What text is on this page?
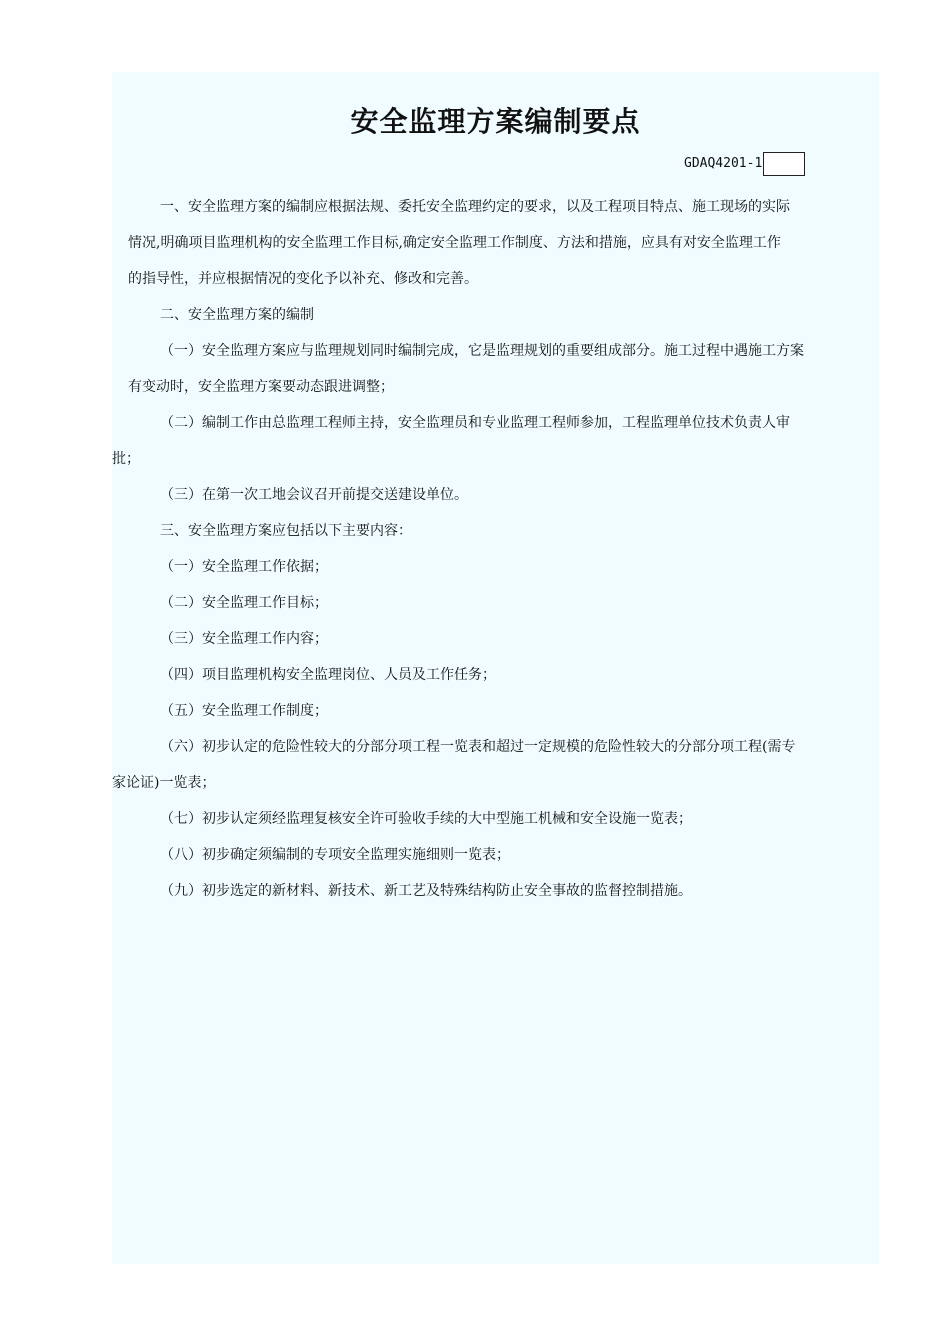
安全监理方案编制要点
GDAQ4201-1
一、安全监理方案的编制应根据法规、委托安全监理约定的要求，以及工程项目特点、施工现场的实际
情况,明确项目监理机构的安全监理工作目标,确定安全监理工作制度、方法和措施，应具有对安全监理工作
的指导性，并应根据情况的变化予以补充、修改和完善。
二、安全监理方案的编制
（一）安全监理方案应与监理规划同时编制完成，它是监理规划的重要组成部分。施工过程中遇施工方案
有变动时，安全监理方案要动态跟进调整；
（二）编制工作由总监理工程师主持，安全监理员和专业监理工程师参加，工程监理单位技术负责人审
批；
（三）在第一次工地会议召开前提交送建设单位。
三、安全监理方案应包括以下主要内容：
（一）安全监理工作依据；
（二）安全监理工作目标；
（三）安全监理工作内容；
（四）项目监理机构安全监理岗位、人员及工作任务；
（五）安全监理工作制度；
（六）初步认定的危险性较大的分部分项工程一览表和超过一定规模的危险性较大的分部分项工程(需专
家论证)一览表；
（七）初步认定须经监理复核安全许可验收手续的大中型施工机械和安全设施一览表；
（八）初步确定须编制的专项安全监理实施细则一览表；
（九）初步选定的新材料、新技术、新工艺及特殊结构防止安全事故的监督控制措施。
